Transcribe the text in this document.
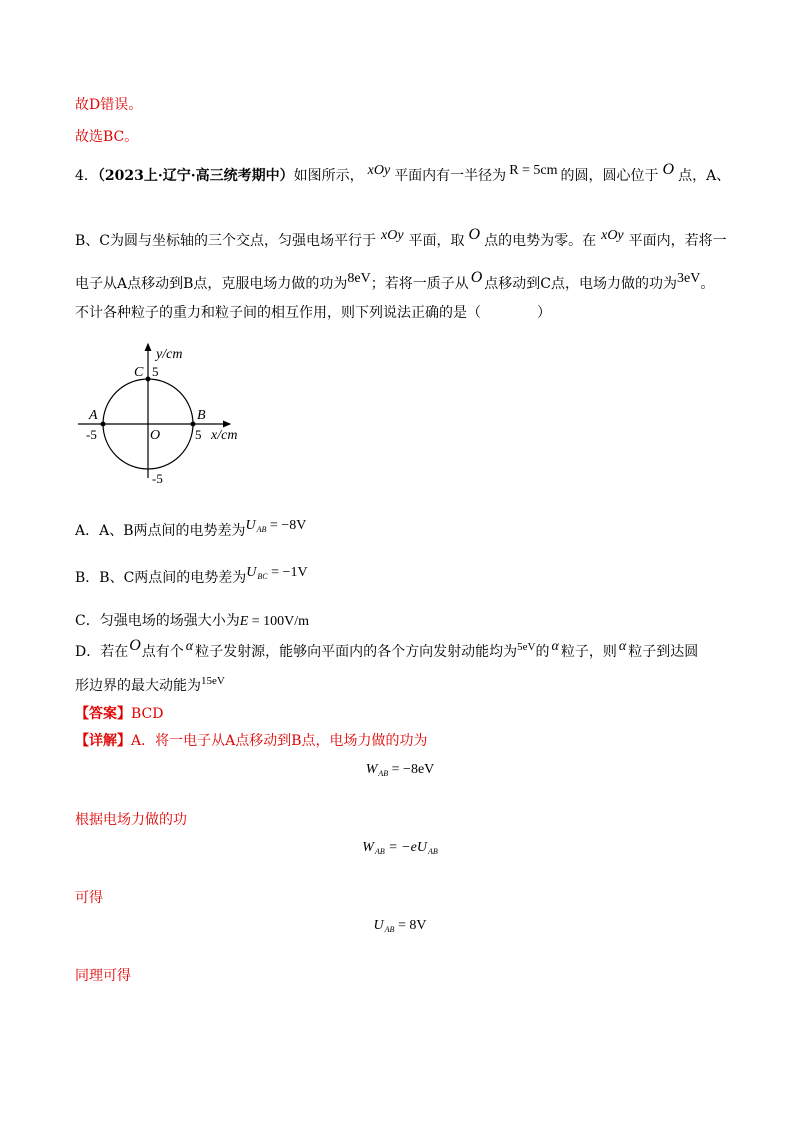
故D错误。
故选BC。
4．（2023上·辽宁·高三统考期中）如图所示， xOy 平面内有一半径为 R = 5cm 的圆，圆心位于 O 点，A、
B、C为圆与坐标轴的三个交点，匀强电场平行于 xOy 平面，取 O 点的电势为零。在 xOy 平面内，若将一
电子从A点移动到B点，克服电场力做的功为8eV；若将一质子从 O 点移动到C点，电场力做的功为3eV。
不计各种粒子的重力和粒子间的相互作用，则下列说法正确的是（　　　　）
y/cm
C 5
A	B
-5	O	5 x/cm
-5
A．A、B两点间的电势差为$U_{AB} = -8V$
B．B、C两点间的电势差为$U_{BC} = -1V$
C．匀强电场的场强大小为E = 100V/m
D．若在O点有个 α 粒子发射源，能够向平面内的各个方向发射动能均为$^{5eV}$的 α 粒子，则 α 粒子到达圆
形边界的最大动能为$^{15eV}$
【答案】BCD
【详解】A．将一电子从A点移动到B点，电场力做的功为
$W_{AB} = -8eV$
根据电场力做的功
$W_{AB} = -eU_{AB}$
可得
$U_{AB} = 8V$
同理可得
